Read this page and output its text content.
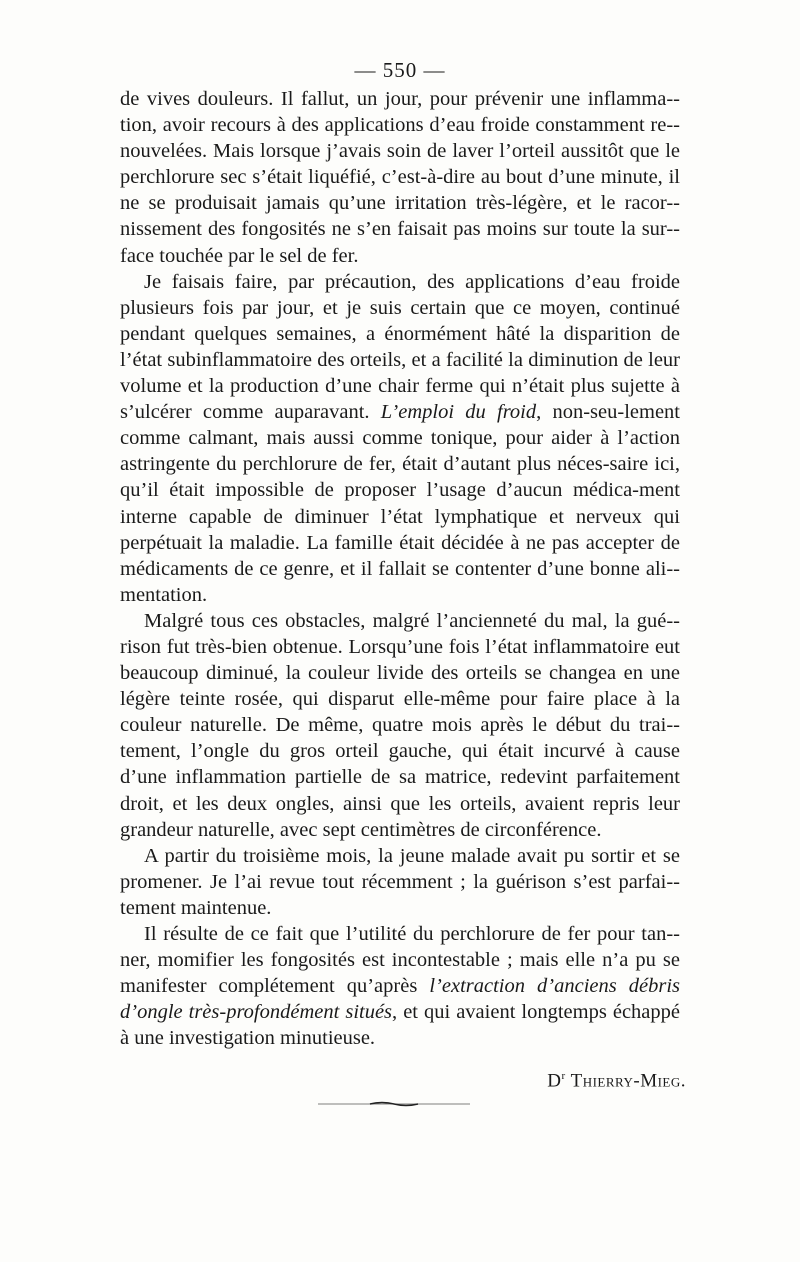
— 550 —

de vives douleurs. Il fallut, un jour, pour prévenir une inflamma-tion, avoir recours à des applications d’eau froide constamment re-nouvelées. Mais lorsque j’avais soin de laver l’orteil aussitôt que le perchlorure sec s’était liquéfié, c’est-à-dire au bout d’une minute, il ne se produisait jamais qu’une irritation très-légère, et le racor-nissement des fongosités ne s’en faisait pas moins sur toute la sur-face touchée par le sel de fer.

Je faisais faire, par précaution, des applications d’eau froide plusieurs fois par jour, et je suis certain que ce moyen, continué pendant quelques semaines, a énormément hâté la disparition de l’état subinflammatoire des orteils, et a facilité la diminution de leur volume et la production d’une chair ferme qui n’était plus sujette à s’ulcérer comme auparavant. L’emploi du froid, non-seu-lement comme calmant, mais aussi comme tonique, pour aider à l’action astringente du perchlorure de fer, était d’autant plus néces-saire ici, qu’il était impossible de proposer l’usage d’aucun médica-ment interne capable de diminuer l’état lymphatique et nerveux qui perpétuait la maladie. La famille était décidée à ne pas accepter de médicaments de ce genre, et il fallait se contenter d’une bonne ali-mentation.

Malgré tous ces obstacles, malgré l’ancienneté du mal, la gué-rison fut très-bien obtenue. Lorsqu’une fois l’état inflammatoire eut beaucoup diminué, la couleur livide des orteils se changea en une légère teinte rosée, qui disparut elle-même pour faire place à la couleur naturelle. De même, quatre mois après le début du trai-tement, l’ongle du gros orteil gauche, qui était incurvé à cause d’une inflammation partielle de sa matrice, redevint parfaitement droit, et les deux ongles, ainsi que les orteils, avaient repris leur grandeur naturelle, avec sept centimètres de circonférence.

A partir du troisième mois, la jeune malade avait pu sortir et se promener. Je l’ai revue tout récemment ; la guérison s’est parfai-tement maintenue.

Il résulte de ce fait que l’utilité du perchlorure de fer pour tan-ner, momifier les fongosités est incontestable ; mais elle n’a pu se manifester complétement qu’après l’extraction d’anciens débris d’ongle très-profondément situés, et qui avaient longtemps échappé à une investigation minutieuse.

$D^r$ Thierry-Mieg.
